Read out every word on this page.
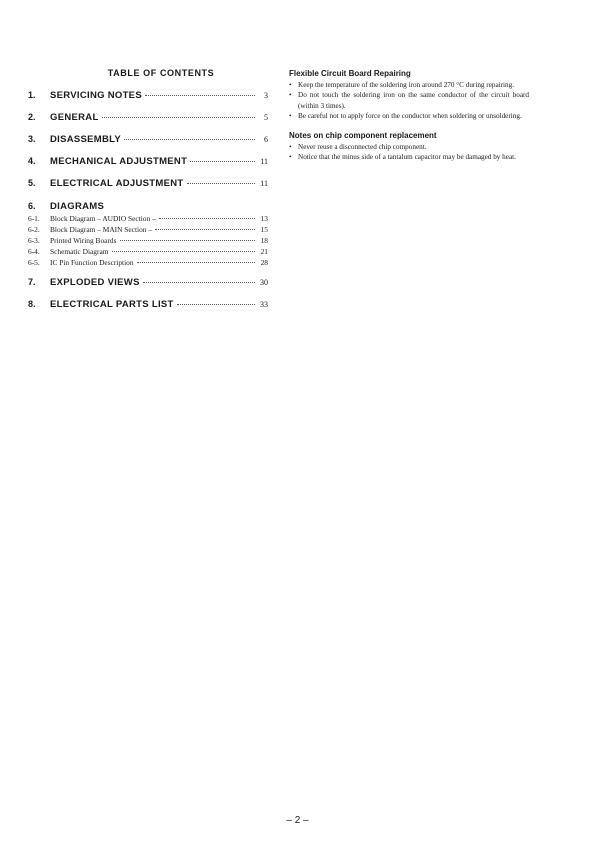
TABLE OF CONTENTS
1.	SERVICING NOTES	3
2.	GENERAL	5
3.	DISASSEMBLY	6
4.	MECHANICAL ADJUSTMENT	11
5.	ELECTRICAL ADJUSTMENT	11
6.	DIAGRAMS
6-1.	Block Diagram – AUDIO Section –	13
6-2.	Block Diagram – MAIN Section –	15
6-3.	Printed Wiring Boards	18
6-4.	Schematic Diagram	21
6-5.	IC Pin Function Description	28
7.	EXPLODED VIEWS	30
8.	ELECTRICAL PARTS LIST	33
Flexible Circuit Board Repairing
• Keep the temperature of the soldering iron around 270 °C during repairing.
• Do not touch the soldering iron on the same conductor of the circuit board (within 3 times).
• Be careful not to apply force on the conductor when soldering or unsoldering.
Notes on chip component replacement
• Never reuse a disconnected chip component.
• Notice that the minus side of a tantalum capacitor may be damaged by heat.
– 2 –
